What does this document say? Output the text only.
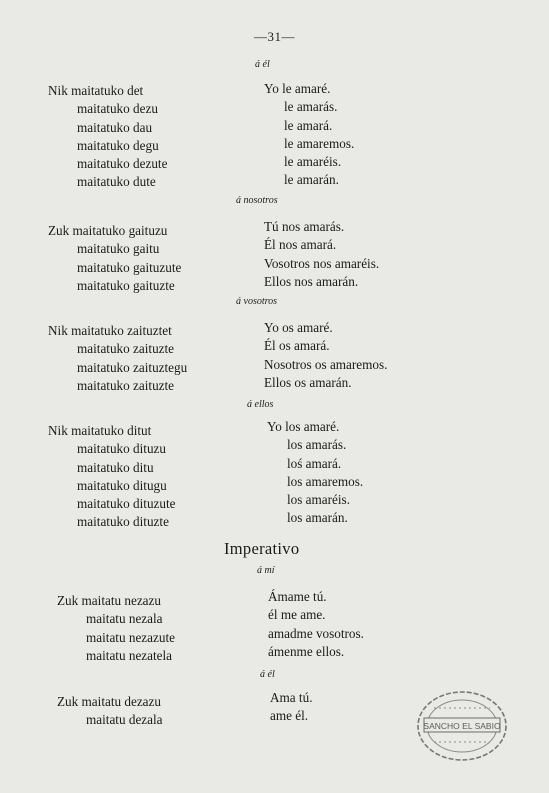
—31—
á él
Nik maitatuko det
maitatuko dezu
maitatuko dau
maitatuko degu
maitatuko dezute
maitatuko dute
Yo le amaré.
le amarás.
le amará.
le amaremos.
le amaréis.
le amarán.
á nosotros
Zuk maitatuko gaituzu
maitatuko gaitu
maitatuko gaituzute
maitatuko gaituzte
Tú nos amarás.
Él nos amará.
Vosotros nos amaréis.
Ellos nos amarán.
á vosotros
Nik maitatuko zaituztet
maitatuko zaituzte
maitatuko zaituztegu
maitatuko zaituzte
Yo os amaré.
Él os amará.
Nosotros os amaremos.
Ellos os amarán.
á ellos
Nik maitatuko ditut
maitatuko dituzu
maitatuko ditu
maitatuko ditugu
maitatuko dituzute
maitatuko dituzte
Yo los amaré.
los amarás.
loś amará.
los amaremos.
los amaréis.
los amarán.
Imperativo
á mí
Zuk maitatu nezazu
maitatu nezala
maitatu nezazute
maitatu nezatela
Ámame tú.
él me ame.
amadme vosotros.
ámenme ellos.
á él
Zuk maitatu dezazu
maitatu dezala
Ama tú.
ame él.
SANCHO EL SABIO
